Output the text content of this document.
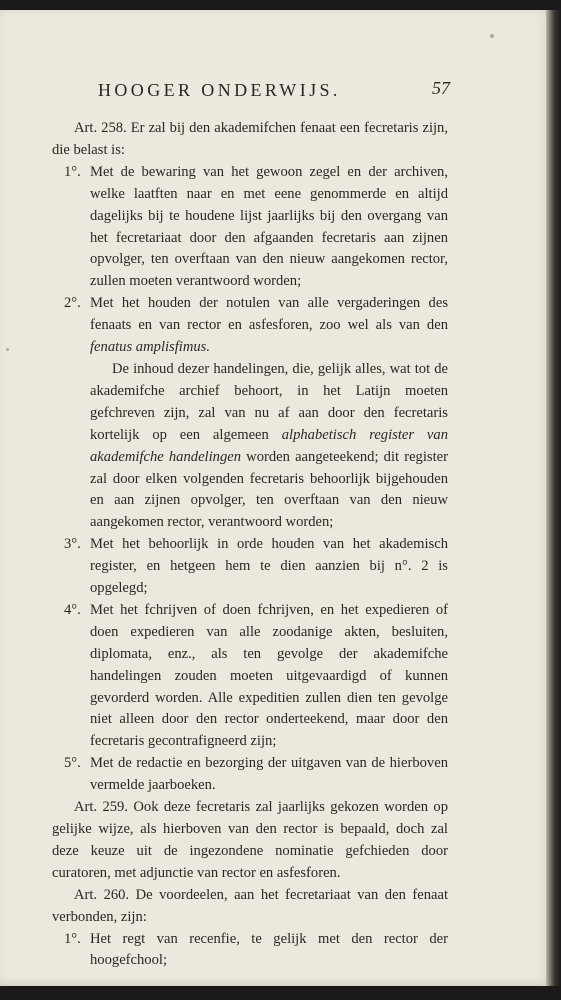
HOOGER ONDERWIJS.	57

Art. 258. Er zal bij den akademifchen fenaat een fecretaris zijn, die belast is:

1°. Met de bewaring van het gewoon zegel en der archiven, welke laatften naar en met eene genommerde en altijd dagelijks bij te houdene lijst jaarlijks bij den overgang van het fecretariaat door den afgaanden fecretaris aan zijnen opvolger, ten overftaan van den nieuw aangekomen rector, zullen moeten verantwoord worden;

2°. Met het houden der notulen van alle vergaderingen des fenaats en van rector en asfesforen, zoo wel als van den fenatus amplisfimus.

De inhoud dezer handelingen, die, gelijk alles, wat tot de akademifche archief behoort, in het Latijn moeten gefchreven zijn, zal van nu af aan door den fecretaris kortelijk op een algemeen alphabetisch register van akademifche handelingen worden aangeteekend; dit register zal door elken volgenden fecretaris behoorlijk bijgehouden en aan zijnen opvolger, ten overftaan van den nieuw aangekomen rector, verantwoord worden;

3°. Met het behoorlijk in orde houden van het akademisch register, en hetgeen hem te dien aanzien bij n°. 2 is opgelegd;

4°. Met het fchrijven of doen fchrijven, en het expedieren of doen expedieren van alle zoodanige akten, besluiten, diplomata, enz., als ten gevolge der akademifche handelingen zouden moeten uitgevaardigd of kunnen gevorderd worden. Alle expeditien zullen dien ten gevolge niet alleen door den rector onderteekend, maar door den fecretaris gecontrafigneerd zijn;

5°. Met de redactie en bezorging der uitgaven van de hierboven vermelde jaarboeken.

Art. 259. Ook deze fecretaris zal jaarlijks gekozen worden op gelijke wijze, als hierboven van den rector is bepaald, doch zal deze keuze uit de ingezondene nominatie gefchieden door curatoren, met adjunctie van rector en asfesforen.

Art. 260. De voordeelen, aan het fecretariaat van den fenaat verbonden, zijn:

1°. Het regt van recenfie, te gelijk met den rector der hoogefchool;
